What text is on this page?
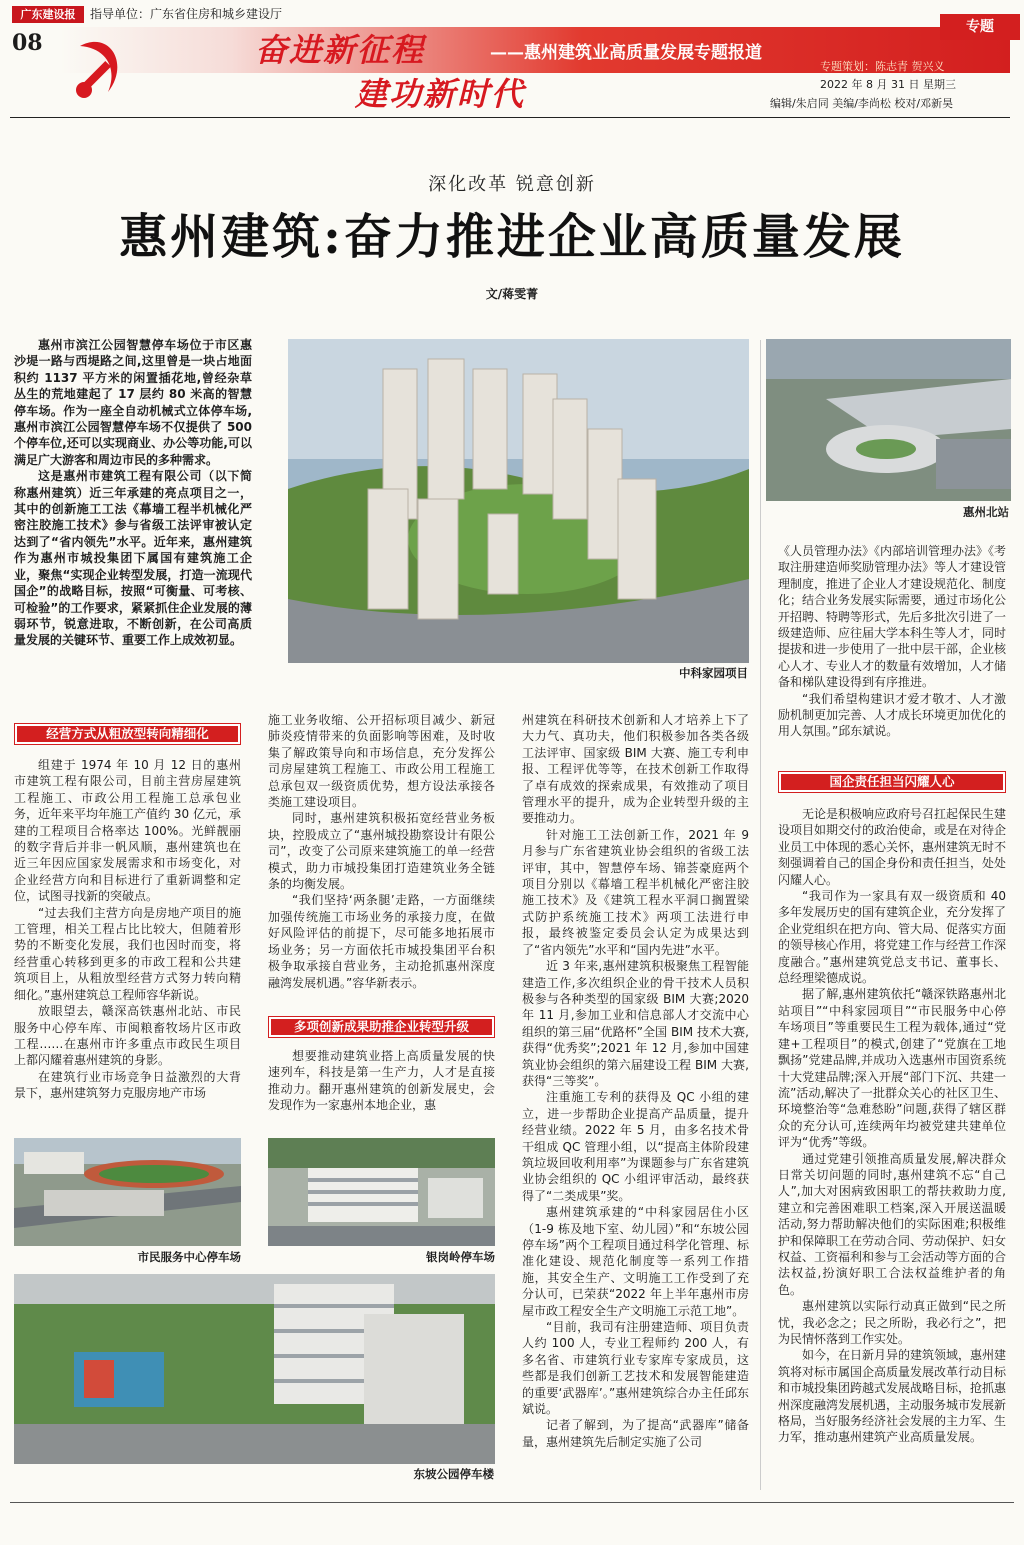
广东建设报	指导单位：广东省住房和城乡建设厅
08	奋进新征程
建功新时代
——惠州建筑业高质量发展专题报道
专题
专题策划：陈志青 贺兴义
2022 年 8 月 31 日 星期三
编辑/朱启同 美编/李尚松 校对/邓新昊
深化改革 锐意创新
惠州建筑:奋力推进企业高质量发展
文/蒋雯菁

惠州市滨江公园智慧停车场位于市区惠沙堤一路与西堤路之间,这里曾是一块占地面积约 1137 平方米的闲置插花地,曾经杂草丛生的荒地建起了 17 层约 80 米高的智慧停车场。作为一座全自动机械式立体停车场,惠州市滨江公园智慧停车场不仅提供了 500 个停车位,还可以实现商业、办公等功能,可以满足广大游客和周边市民的多种需求。

这是惠州市建筑工程有限公司（以下简称惠州建筑）近三年承建的亮点项目之一，其中的创新施工工法《幕墙工程半机械化严密注胶施工技术》参与省级工法评审被认定达到了“省内领先”水平。近年来，惠州建筑作为惠州市城投集团下属国有建筑施工企业，聚焦“实现企业转型发展，打造一流现代国企”的战略目标，按照“可衡量、可考核、可检验”的工作要求，紧紧抓住企业发展的薄弱环节，锐意进取，不断创新，在公司高质量发展的关键环节、重要工作上成效初显。

中科家园项目
惠州北站
经营方式从粗放型转向精细化

组建于 1974 年 10 月 12 日的惠州市建筑工程有限公司，目前主营房屋建筑工程施工、市政公用工程施工总承包业务，近年来平均年施工产值约 30 亿元，承建的工程项目合格率达 100%。光鲜靓丽的数字背后并非一帆风顺，惠州建筑也在近三年因应国家发展需求和市场变化，对企业经营方向和目标进行了重新调整和定位，试图寻找新的突破点。

“过去我们主营方向是房地产项目的施工管理，相关工程占比比较大，但随着形势的不断变化发展，我们也因时而变，将经营重心转移到更多的市政工程和公共建筑项目上，从粗放型经营方式努力转向精细化。”惠州建筑总工程师容华新说。

放眼望去，赣深高铁惠州北站、市民服务中心停车库、市闽粮畜牧场片区市政工程……在惠州市许多重点市政民生项目上都闪耀着惠州建筑的身影。

在建筑行业市场竞争日益激烈的大背景下，惠州建筑努力克服房地产市场

施工业务收缩、公开招标项目减少、新冠肺炎疫情带来的负面影响等困难，及时收集了解政策导向和市场信息，充分发挥公司房屋建筑工程施工、市政公用工程施工总承包双一级资质优势，想方设法承接各类施工建设项目。

同时，惠州建筑积极拓宽经营业务板块，控股成立了“惠州城投勘察设计有限公司”，改变了公司原来建筑施工的单一经营模式，助力市城投集团打造建筑业务全链条的均衡发展。

“我们坚持‘两条腿’走路，一方面继续加强传统施工市场业务的承接力度，在做好风险评估的前提下，尽可能多地拓展市场业务；另一方面依托市城投集团平台积极争取承接自营业务，主动抢抓惠州深度融湾发展机遇。”容华新表示。

多项创新成果助推企业转型升级

想要推动建筑业搭上高质量发展的快速列车，科技是第一生产力，人才是直接推动力。翻开惠州建筑的创新发展史，会发现作为一家惠州本地企业，惠

州建筑在科研技术创新和人才培养上下了大力气、真功夫，他们积极参加各类各级工法评审、国家级 BIM 大赛、施工专利申报、工程评优等等，在技术创新工作取得了卓有成效的探索成果，有效推动了项目管理水平的提升，成为企业转型升级的主要推动力。

针对施工工法创新工作，2021 年 9 月参与广东省建筑业协会组织的省级工法评审，其中，智慧停车场、锦荟豪庭两个项目分别以《幕墙工程半机械化严密注胶施工技术》及《建筑工程水平洞口搁置梁式防护系统施工技术》两项工法进行申报，最终被鉴定委员会认定为成果达到了“省内领先”水平和“国内先进”水平。

近 3 年来,惠州建筑积极聚焦工程智能建造工作,多次组织企业的骨干技术人员积极参与各种类型的国家级 BIM 大赛;2020 年 11 月,参加工业和信息部人才交流中心组织的第三届“优路杯”全国 BIM 技术大赛,获得“优秀奖”;2021 年 12 月,参加中国建筑业协会组织的第六届建设工程 BIM 大赛,获得“三等奖”。

注重施工专利的获得及 QC 小组的建立，进一步帮助企业提高产品质量，提升经营业绩。2022 年 5 月，由多名技术骨干组成 QC 管理小组，以“提高主体阶段建筑垃圾回收利用率”为课题参与广东省建筑业协会组织的 QC 小组评审活动，最终获得了“二类成果”奖。

惠州建筑承建的“中科家园居住小区（1-9 栋及地下室、幼儿园）”和“东坡公园停车场”两个工程项目通过科学化管理、标准化建设、规范化制度等一系列工作措施，其安全生产、文明施工工作受到了充分认可，已荣获“2022 年上半年惠州市房屋市政工程安全生产文明施工示范工地”。

“目前，我司有注册建造师、项目负责人约 100 人，专业工程师约 200 人，有多名省、市建筑行业专家库专家成员，这些都是我们创新工艺技术和发展智能建造的重要‘武器库’。”惠州建筑综合办主任邱东斌说。

记者了解到，为了提高“武器库”储备量，惠州建筑先后制定实施了公司

《人员管理办法》《内部培训管理办法》《考取注册建造师奖励管理办法》等人才建设管理制度，推进了企业人才建设规范化、制度化；结合业务发展实际需要，通过市场化公开招聘、特聘等形式，先后多批次引进了一级建造师、应往届大学本科生等人才，同时提拔和进一步使用了一批中层干部，企业核心人才、专业人才的数量有效增加，人才储备和梯队建设得到有序推进。

“我们希望构建识才爱才敬才、人才激励机制更加完善、人才成长环境更加优化的用人氛围。”邱东斌说。

国企责任担当闪耀人心

无论是积极响应政府号召扛起保民生建设项目如期交付的政治使命，或是在对待企业员工中体现的悉心关怀，惠州建筑无时不刻强调着自己的国企身份和责任担当，处处闪耀人心。

“我司作为一家具有双一级资质和 40 多年发展历史的国有建筑企业，充分发挥了企业党组织在把方向、管大局、促落实方面的领导核心作用，将党建工作与经营工作深度融合。”惠州建筑党总支书记、董事长、总经理梁德成说。

据了解,惠州建筑依托“赣深铁路惠州北站项目”“中科家园项目”“市民服务中心停车场项目”等重要民生工程为载体,通过“党建+工程项目”的模式,创建了“党旗在工地飘扬”党建品牌,并成功入选惠州市国资系统十大党建品牌;深入开展“部门下沉、共建一流”活动,解决了一批群众关心的社区卫生、环境整治等“急难愁盼”问题,获得了辖区群众的充分认可,连续两年均被党建共建单位评为“优秀”等级。

通过党建引领推高质量发展,解决群众日常关切问题的同时,惠州建筑不忘“自己人”,加大对困病致困职工的帮扶救助力度,建立和完善困难职工档案,深入开展送温暖活动,努力帮助解决他们的实际困难;积极维护和保障职工在劳动合同、劳动保护、妇女权益、工资福利和参与工会活动等方面的合法权益,扮演好职工合法权益维护者的角色。

惠州建筑以实际行动真正做到“民之所忧，我必念之；民之所盼，我必行之”，把为民情怀落到工作实处。

如今，在日新月异的建筑领域，惠州建筑将对标市属国企高质量发展改革行动目标和市城投集团跨越式发展战略目标，抢抓惠州深度融湾发展机遇，主动服务城市发展新格局，当好服务经济社会发展的主力军、生力军，推动惠州建筑产业高质量发展。

市民服务中心停车场	银岗岭停车场
东坡公园停车楼
